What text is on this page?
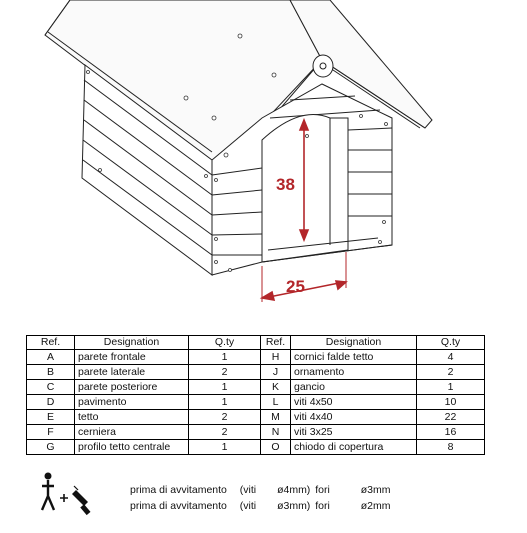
38
25
Ref.	Designation	Q.ty	Ref.	Designation	Q.ty
A	parete frontale	1	H	cornici falde tetto	4
B	parete laterale	2	J	ornamento	2
C	parete posteriore	1	K	gancio	1
D	pavimento	1	L	viti 4x50	10
E	tetto	2	M	viti 4x40	22
F	cerniera	2	N	viti 3x25	16
G	profilo tetto centrale	1	O	chiodo di copertura	8
prima di avvitamento (viti ø4mm) fori	ø3mm
prima di avvitamento (viti ø3mm) fori	ø2mm
